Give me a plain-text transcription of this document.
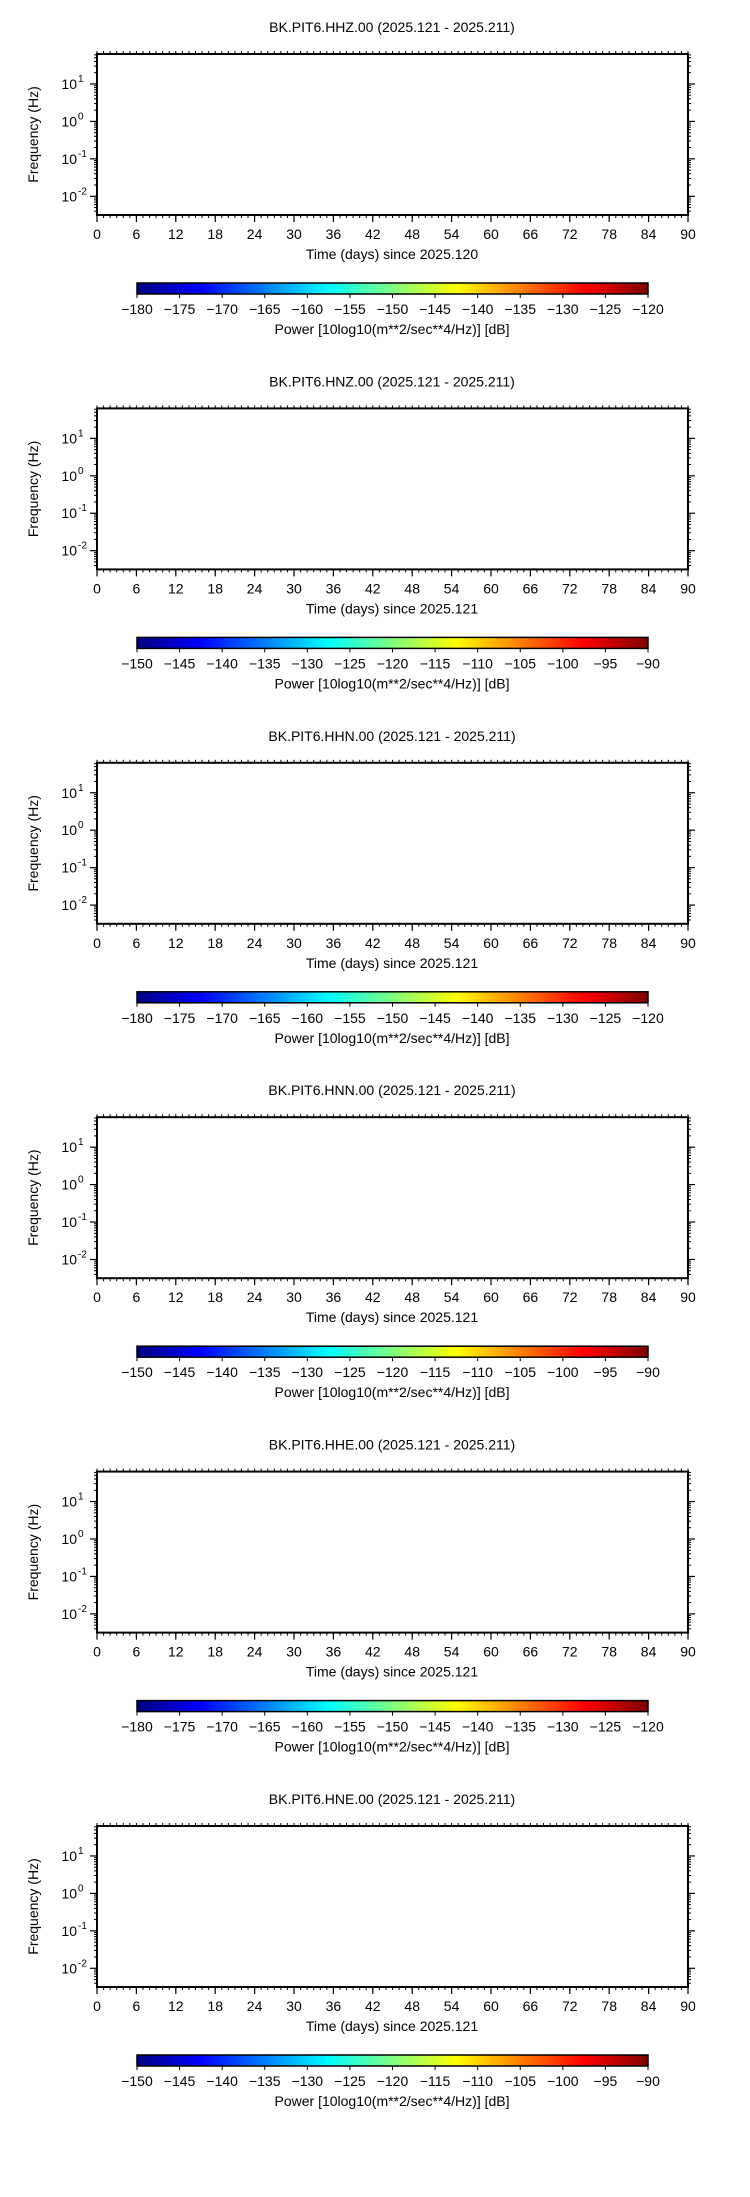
BK.PIT6.HHZ.00 (2025.121 - 2025.211)
0 6 12 18 24 30 36 42 48 54 60 66 72 78 84 90
Time (days) since 2025.120
10 1
10 0
10 -1
10 -2
Frequency (Hz)
−180 −175 −170 −165 −160 −155 −150 −145 −140 −135 −130 −125 −120
Power [10log10(m**2/sec**4/Hz)] [dB]
BK.PIT6.HNZ.00 (2025.121 - 2025.211)
0 6 12 18 24 30 36 42 48 54 60 66 72 78 84 90
Time (days) since 2025.121
10 1
10 0
10 -1
10 -2
Frequency (Hz)
−150 −145 −140 −135 −130 −125 −120 −115 −110 −105 −100 −95 −90
Power [10log10(m**2/sec**4/Hz)] [dB]
BK.PIT6.HHN.00 (2025.121 - 2025.211)
0 6 12 18 24 30 36 42 48 54 60 66 72 78 84 90
Time (days) since 2025.121
10 1
10 0
10 -1
10 -2
Frequency (Hz)
−180 −175 −170 −165 −160 −155 −150 −145 −140 −135 −130 −125 −120
Power [10log10(m**2/sec**4/Hz)] [dB]
BK.PIT6.HNN.00 (2025.121 - 2025.211)
0 6 12 18 24 30 36 42 48 54 60 66 72 78 84 90
Time (days) since 2025.121
10 1
10 0
10 -1
10 -2
Frequency (Hz)
−150 −145 −140 −135 −130 −125 −120 −115 −110 −105 −100 −95 −90
Power [10log10(m**2/sec**4/Hz)] [dB]
BK.PIT6.HHE.00 (2025.121 - 2025.211)
0 6 12 18 24 30 36 42 48 54 60 66 72 78 84 90
Time (days) since 2025.121
10 1
10 0
10 -1
10 -2
Frequency (Hz)
−180 −175 −170 −165 −160 −155 −150 −145 −140 −135 −130 −125 −120
Power [10log10(m**2/sec**4/Hz)] [dB]
BK.PIT6.HNE.00 (2025.121 - 2025.211)
0 6 12 18 24 30 36 42 48 54 60 66 72 78 84 90
Time (days) since 2025.121
10 1
10 0
10 -1
10 -2
Frequency (Hz)
−150 −145 −140 −135 −130 −125 −120 −115 −110 −105 −100 −95 −90
Power [10log10(m**2/sec**4/Hz)] [dB]
